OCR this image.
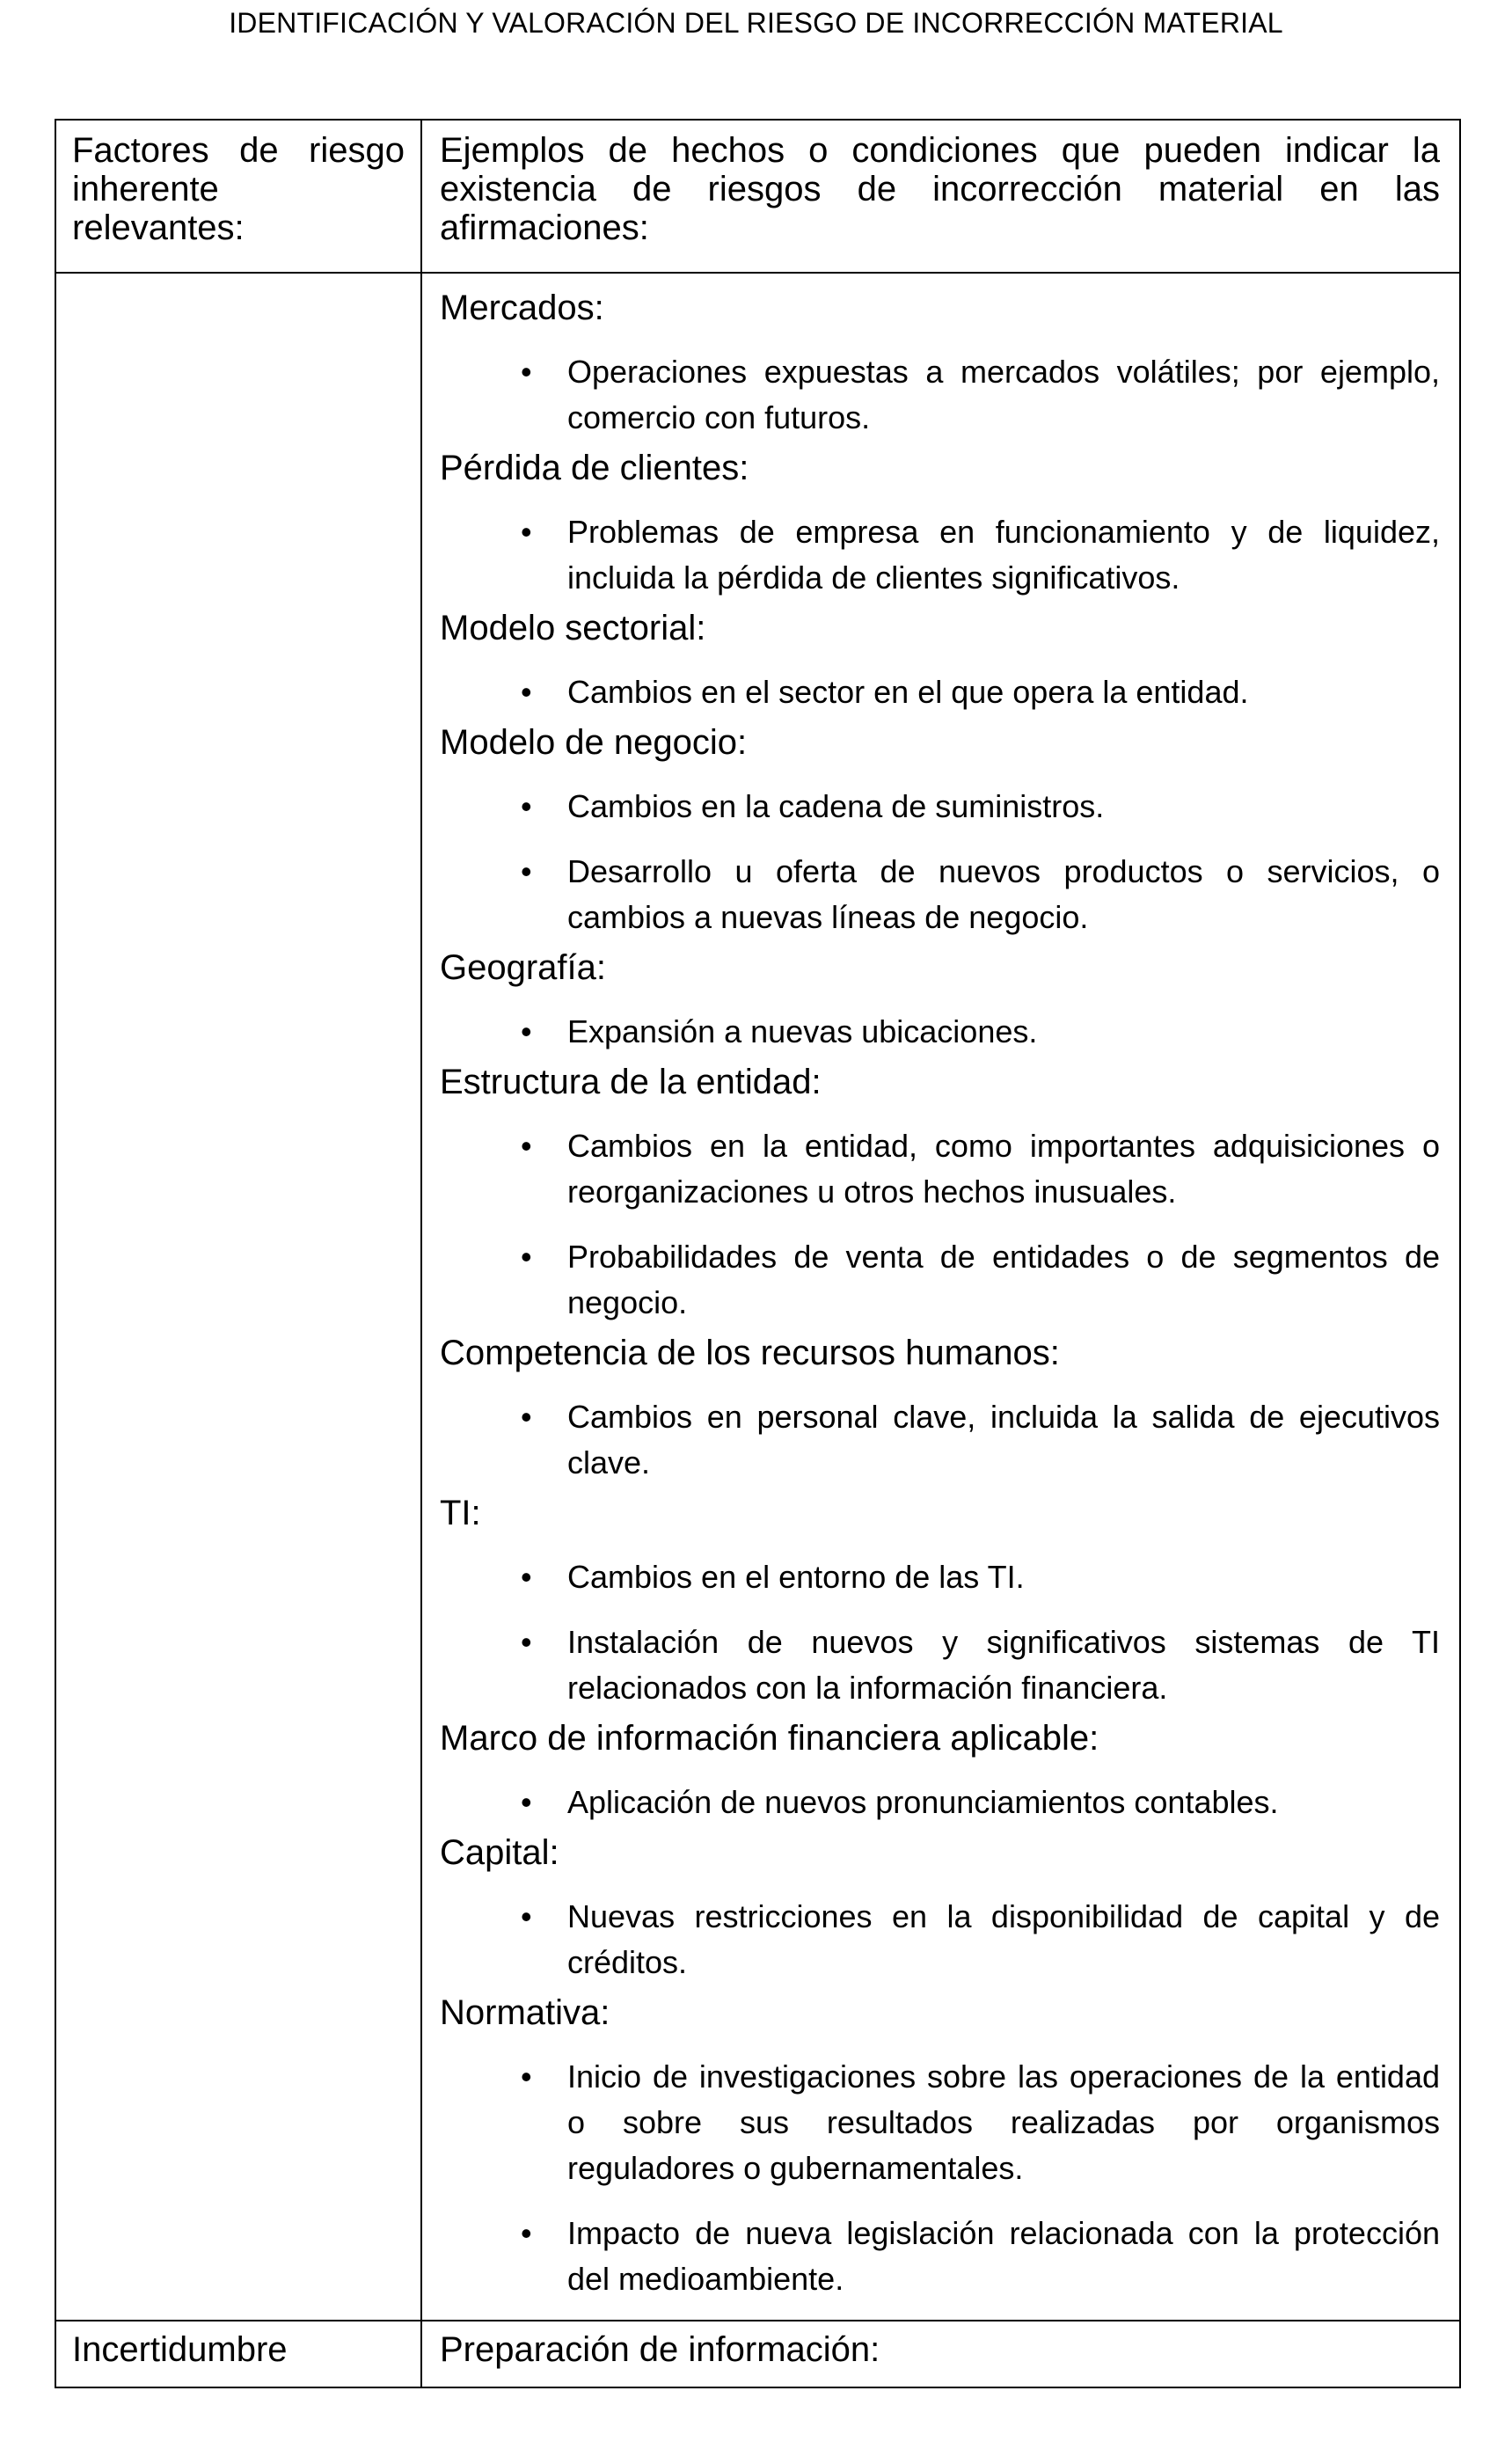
IDENTIFICACIÓN Y VALORACIÓN DEL RIESGO DE INCORRECCIÓN MATERIAL
Factores de riesgo
inherente
relevantes:
Ejemplos de hechos o condiciones que pueden indicar la
existencia de riesgos de incorrección material en las
afirmaciones:
Mercados:
• Operaciones expuestas a mercados volátiles; por ejemplo, comercio con futuros.
Pérdida de clientes:
• Problemas de empresa en funcionamiento y de liquidez, incluida la pérdida de clientes significativos.
Modelo sectorial:
• Cambios en el sector en el que opera la entidad.
Modelo de negocio:
• Cambios en la cadena de suministros.
• Desarrollo u oferta de nuevos productos o servicios, o cambios a nuevas líneas de negocio.
Geografía:
• Expansión a nuevas ubicaciones.
Estructura de la entidad:
• Cambios en la entidad, como importantes adquisiciones o reorganizaciones u otros hechos inusuales.
• Probabilidades de venta de entidades o de segmentos de negocio.
Competencia de los recursos humanos:
• Cambios en personal clave, incluida la salida de ejecutivos clave.
TI:
• Cambios en el entorno de las TI.
• Instalación de nuevos y significativos sistemas de TI relacionados con la información financiera.
Marco de información financiera aplicable:
• Aplicación de nuevos pronunciamientos contables.
Capital:
• Nuevas restricciones en la disponibilidad de capital y de créditos.
Normativa:
• Inicio de investigaciones sobre las operaciones de la entidad o sobre sus resultados realizadas por organismos reguladores o gubernamentales.
• Impacto de nueva legislación relacionada con la protección del medioambiente.
Incertidumbre	Preparación de información:
